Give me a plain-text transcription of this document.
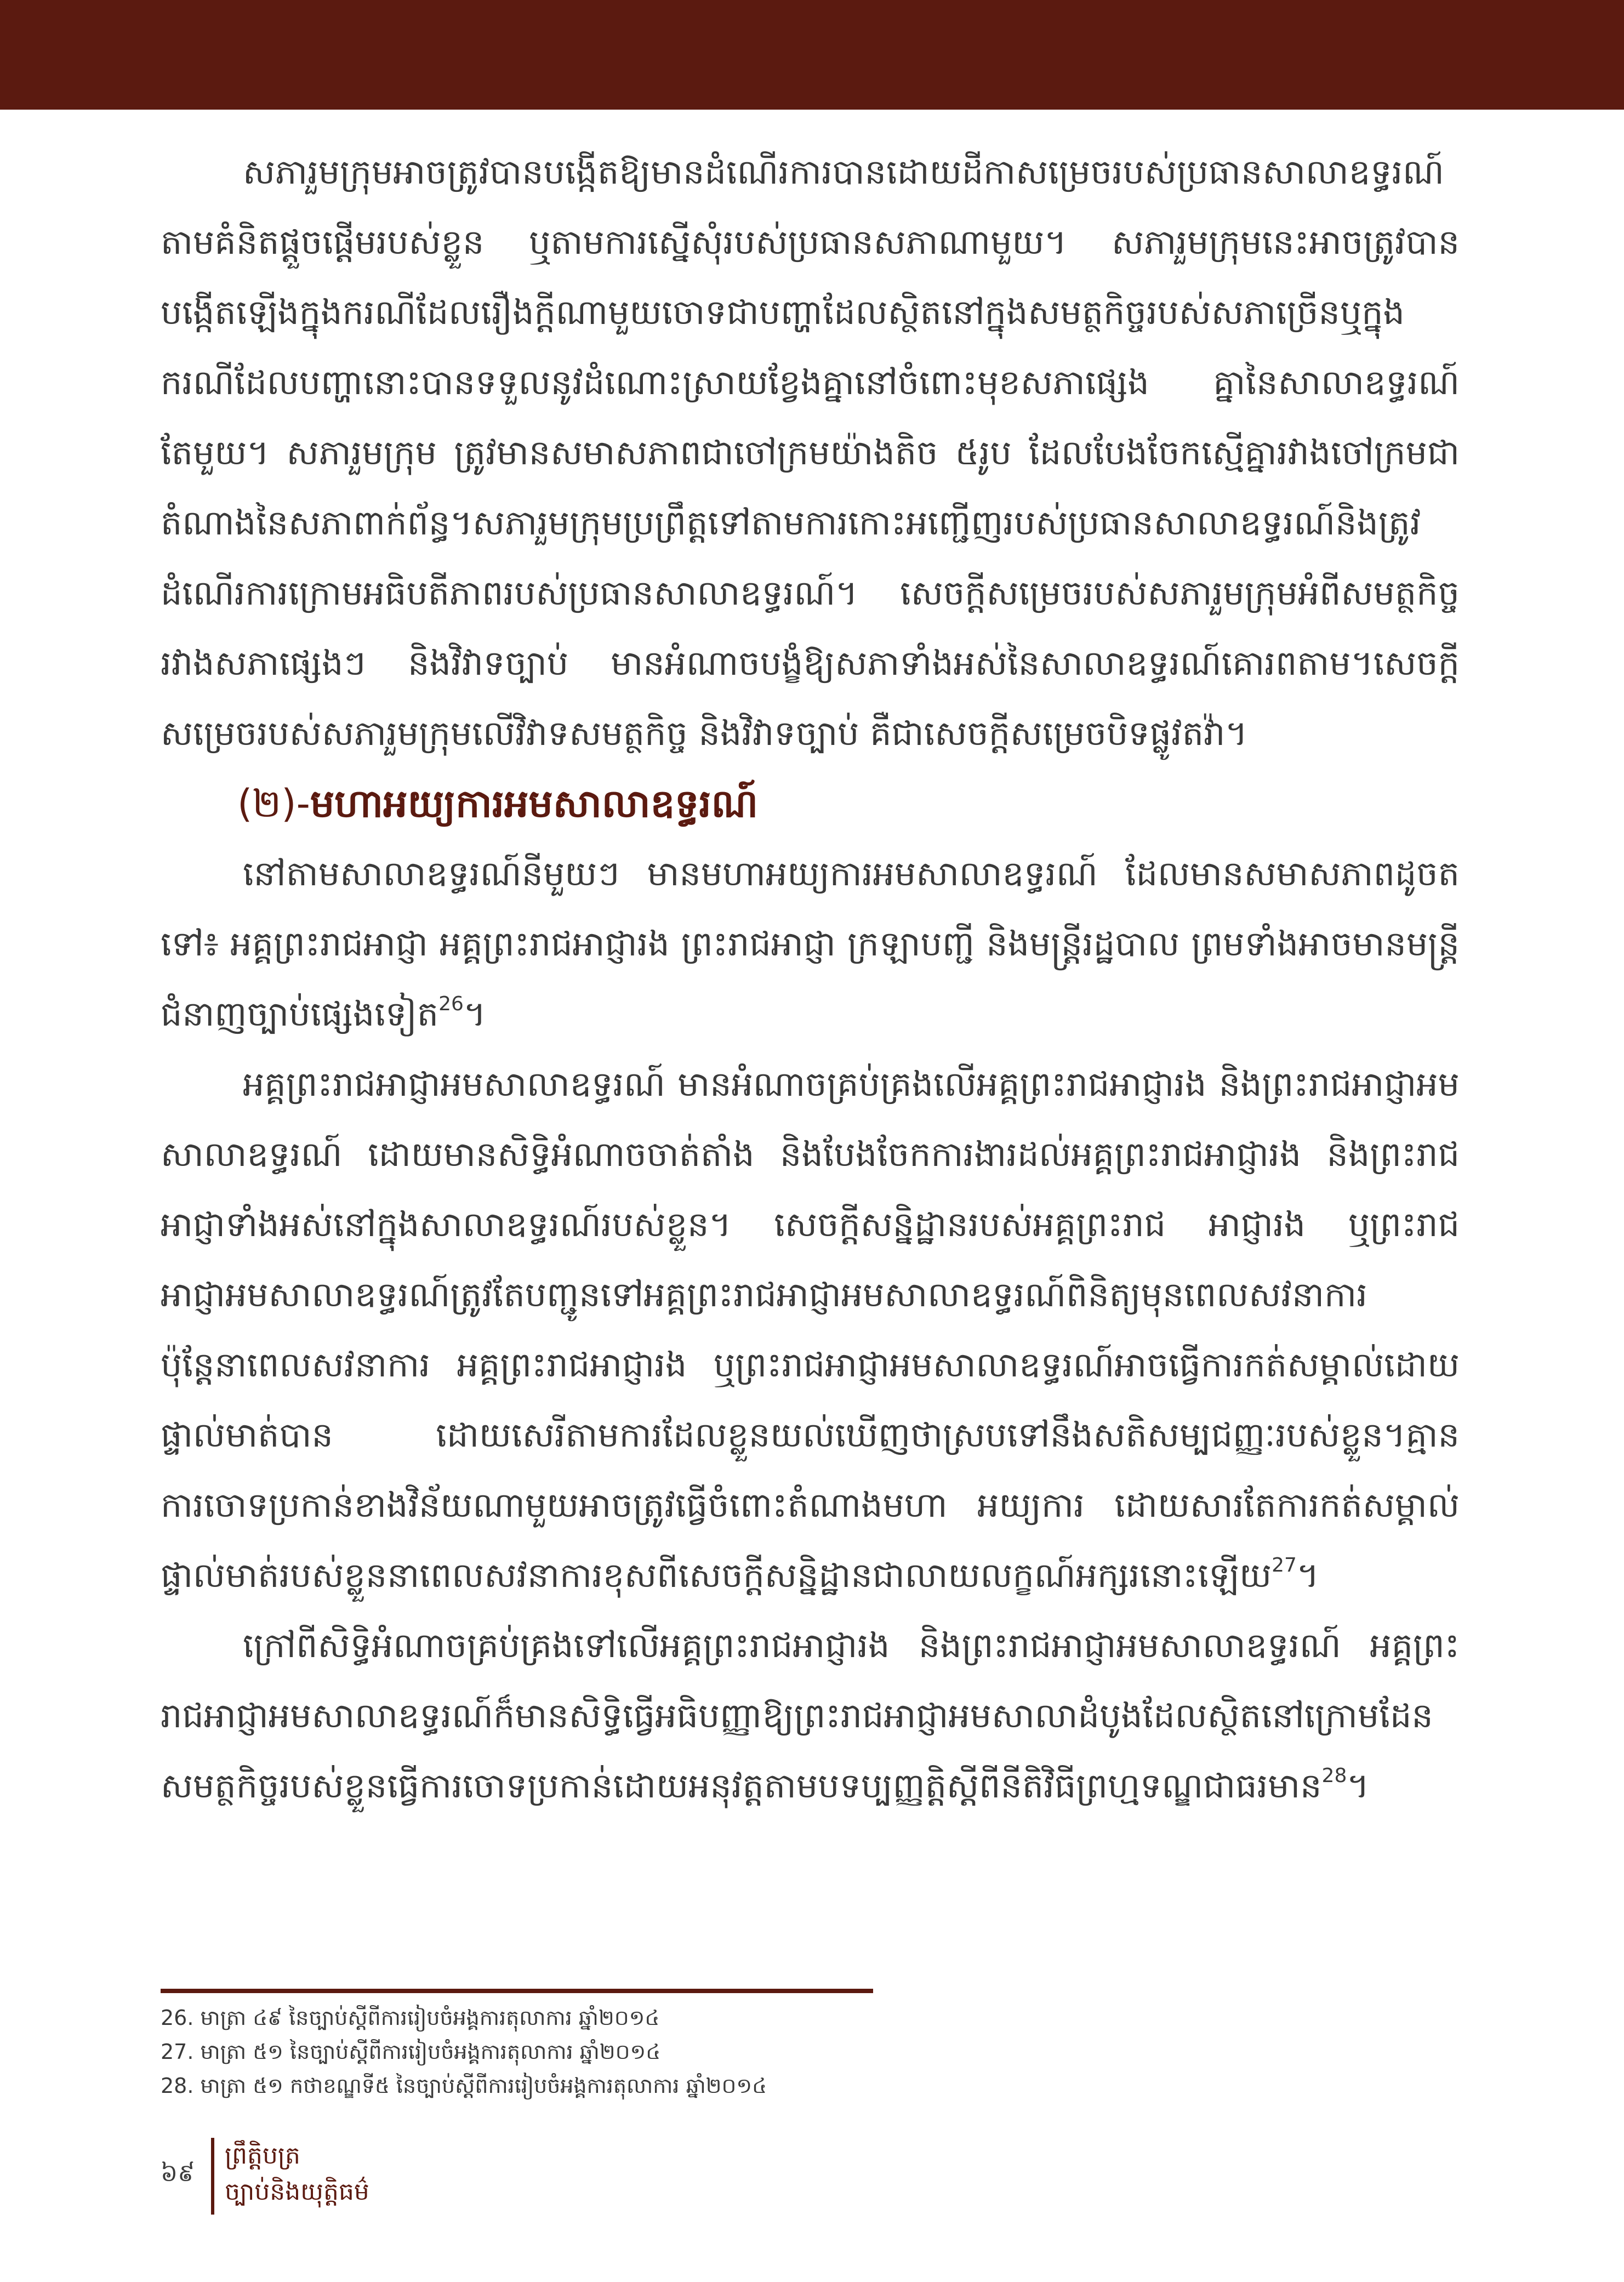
សភារួមក្រុមអាចត្រូវបានបង្កើតឱ្យមានដំណើរការបានដោយដីកាសម្រេចរបស់ប្រធានសាលាឧទ្ធរណ៍ តាមគំនិតផ្តួចផ្តើមរបស់ខ្លួន ឬតាមការស្នើសុំរបស់ប្រធានសភាណាមួយ។ សភារួមក្រុមនេះអាចត្រូវបានបង្កើតឡើងក្នុងករណីដែលរឿងក្តីណាមួយចោទជាបញ្ហាដែលស្ថិតនៅក្នុងសមត្ថកិច្ចរបស់សភាច្រើនឬក្នុងករណីដែលបញ្ហានោះបានទទួលនូវដំណោះស្រាយខ្វែងគ្នានៅចំពោះមុខសភាផ្សេង គ្នានៃសាលាឧទ្ធរណ៍តែមួយ។ សភារួមក្រុម ត្រូវមានសមាសភាពជាចៅក្រមយ៉ាងតិច ៥រូប ដែលបែងចែកស្មើគ្នារវាងចៅក្រមជាតំណាងនៃសភាពាក់ព័ន្ធ។សភារួមក្រុមប្រព្រឹត្តទៅតាមការកោះអញ្ជើញរបស់ប្រធានសាលាឧទ្ធរណ៍និងត្រូវដំណើរការក្រោមអធិបតីភាពរបស់ប្រធានសាលាឧទ្ធរណ៍។ សេចក្តីសម្រេចរបស់សភារួមក្រុមអំពីសមត្ថកិច្ចរវាងសភាផ្សេងៗ និងវិវាទច្បាប់ មានអំណាចបង្ខំឱ្យសភាទាំងអស់នៃសាលាឧទ្ធរណ៍គោរពតាម។សេចក្តីសម្រេចរបស់សភារួមក្រុមលើវិវាទសមត្ថកិច្ច និងវិវាទច្បាប់ គឺជាសេចក្តីសម្រេចបិទផ្លូវតវ៉ា។

(២)-មហាអយ្យការអមសាលាឧទ្ធរណ៍

នៅតាមសាលាឧទ្ធរណ៍នីមួយៗ មានមហាអយ្យការអមសាលាឧទ្ធរណ៍ ដែលមានសមាសភាពដូចតទៅ៖ អគ្គព្រះរាជអាជ្ញា អគ្គព្រះរាជអាជ្ញារង ព្រះរាជអាជ្ញា ក្រឡាបញ្ជី និងមន្ត្រីរដ្ឋបាល ព្រមទាំងអាចមានមន្ត្រីជំនាញច្បាប់ផ្សេងទៀត$^{26}$។

អគ្គព្រះរាជអាជ្ញាអមសាលាឧទ្ធរណ៍ មានអំណាចគ្រប់គ្រងលើអគ្គព្រះរាជអាជ្ញារង និងព្រះរាជអាជ្ញាអមសាលាឧទ្ធរណ៍ ដោយមានសិទ្ធិអំណាចចាត់តាំង និងបែងចែកការងារដល់អគ្គព្រះរាជអាជ្ញារង និងព្រះរាជអាជ្ញាទាំងអស់នៅក្នុងសាលាឧទ្ធរណ៍របស់ខ្លួន។ សេចក្តីសន្និដ្ឋានរបស់អគ្គព្រះរាជ អាជ្ញារង ឬព្រះរាជអាជ្ញាអមសាលាឧទ្ធរណ៍ត្រូវតែបញ្ជូនទៅអគ្គព្រះរាជអាជ្ញាអមសាលាឧទ្ធរណ៍ពិនិត្យមុនពេលសវនាការ ប៉ុន្តែនាពេលសវនាការ អគ្គព្រះរាជអាជ្ញារង ឬព្រះរាជអាជ្ញាអមសាលាឧទ្ធរណ៍អាចធ្វើការកត់សម្គាល់ដោយផ្ទាល់មាត់បាន ដោយសេរីតាមការដែលខ្លួនយល់ឃើញថាស្របទៅនឹងសតិសម្បជញ្ញៈរបស់ខ្លួន។គ្មានការចោទប្រកាន់ខាងវិន័យណាមួយអាចត្រូវធ្វើចំពោះតំណាងមហា អយ្យការ ដោយសារតែការកត់សម្គាល់ផ្ទាល់មាត់របស់ខ្លួននាពេលសវនាការខុសពីសេចក្តីសន្និដ្ឋានជាលាយលក្ខណ៍អក្សរនោះឡើយ$^{27}$។

ក្រៅពីសិទ្ធិអំណាចគ្រប់គ្រងទៅលើអគ្គព្រះរាជអាជ្ញារង និងព្រះរាជអាជ្ញាអមសាលាឧទ្ធរណ៍ អគ្គព្រះរាជអាជ្ញាអមសាលាឧទ្ធរណ៍ក៏មានសិទ្ធិធ្វើអធិបញ្ញាឱ្យព្រះរាជអាជ្ញាអមសាលាដំបូងដែលស្ថិតនៅក្រោមដែនសមត្ថកិច្ចរបស់ខ្លួនធ្វើការចោទប្រកាន់ដោយអនុវត្តតាមបទប្បញ្ញត្តិស្តីពីនីតិវិធីព្រហ្មទណ្ឌជាធរមាន$^{28}$។

26. មាត្រា ៤៩ នៃច្បាប់ស្តីពីការរៀបចំអង្គការតុលាការ ឆ្នាំ២០១៤
27. មាត្រា ៥១ នៃច្បាប់ស្តីពីការរៀបចំអង្គការតុលាការ ឆ្នាំ២០១៤
28. មាត្រា ៥១ កថាខណ្ឌទី៥ នៃច្បាប់ស្តីពីការរៀបចំអង្គការតុលាការ ឆ្នាំ២០១៤
៦៩
ព្រឹត្តិបត្រ
ច្បាប់និងយុត្តិធម៌
